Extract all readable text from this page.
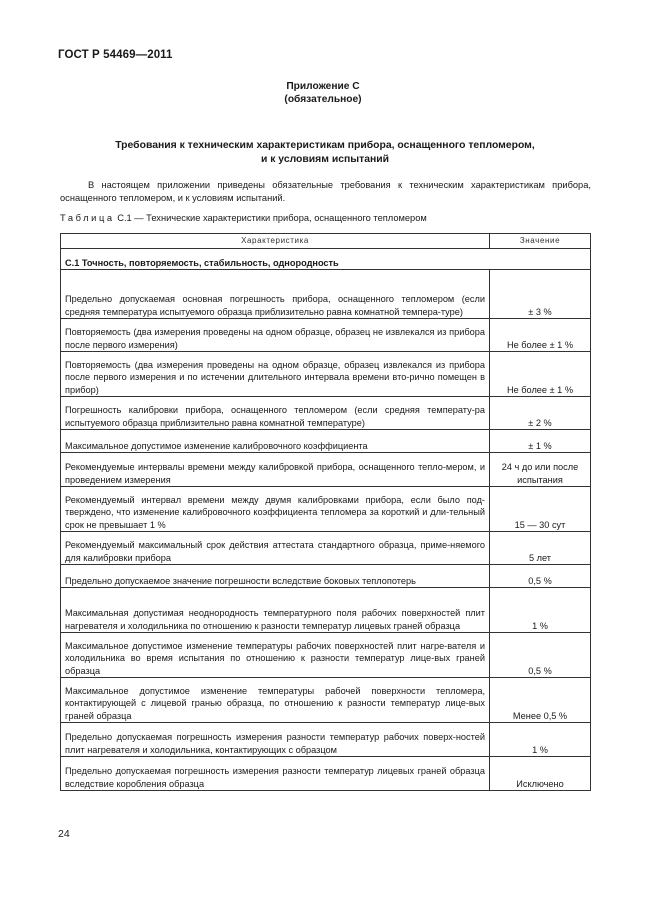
ГОСТ Р 54469—2011
Приложение С
(обязательное)
Требования к техническим характеристикам прибора, оснащенного тепломером,
и к условиям испытаний
В настоящем приложении приведены обязательные требования к техническим характеристикам прибора, оснащенного тепломером, и к условиям испытаний.
Таблица С.1 — Технические характеристики прибора, оснащенного тепломером
Характеристика	Значение
С.1 Точность, повторяемость, стабильность, однородность	
Предельно допускаемая основная погрешность прибора, оснащенного тепломером (если средняя температура испытуемого образца приблизительно равна комнатной темпера-туре)	± 3 %
Повторяемость (два измерения проведены на одном образце, образец не извлекался из прибора после первого измерения)	Не более ± 1 %
Повторяемость (два измерения проведены на одном образце, образец извлекался из прибора после первого измерения и по истечении длительного интервала времени вто-рично помещен в прибор)	Не более ± 1 %
Погрешность калибровки прибора, оснащенного тепломером (если средняя температу-ра испытуемого образца приблизительно равна комнатной температуре)	± 2 %
Максимальное допустимое изменение калибровочного коэффициента	± 1 %
Рекомендуемые интервалы времени между калибровкой прибора, оснащенного тепло-мером, и проведением измерения	24 ч до или после испытания
Рекомендуемый интервал времени между двумя калибровками прибора, если было под-тверждено, что изменение калибровочного коэффициента тепломера за короткий и дли-тельный срок не превышает 1 %	15 — 30 сут
Рекомендуемый максимальный срок действия аттестата стандартного образца, приме-няемого для калибровки прибора	5 лет
Предельно допускаемое значение погрешности вследствие боковых теплопотерь	0,5 %
Максимальная допустимая неоднородность температурного поля рабочих поверхностей плит нагревателя и холодильника по отношению к разности температур лицевых граней образца	1 %
Максимальное допустимое изменение температуры рабочих поверхностей плит нагре-вателя и холодильника во время испытания по отношению к разности температур лице-вых граней образца	0,5 %
Максимальное допустимое изменение температуры рабочей поверхности тепломера, контактирующей с лицевой гранью образца, по отношению к разности температур лице-вых граней образца	Менее 0,5 %
Предельно допускаемая погрешность измерения разности температур рабочих поверх-ностей плит нагревателя и холодильника, контактирующих с образцом	1 %
Предельно допускаемая погрешность измерения разности температур лицевых граней образца вследствие коробления образца	Исключено
24
